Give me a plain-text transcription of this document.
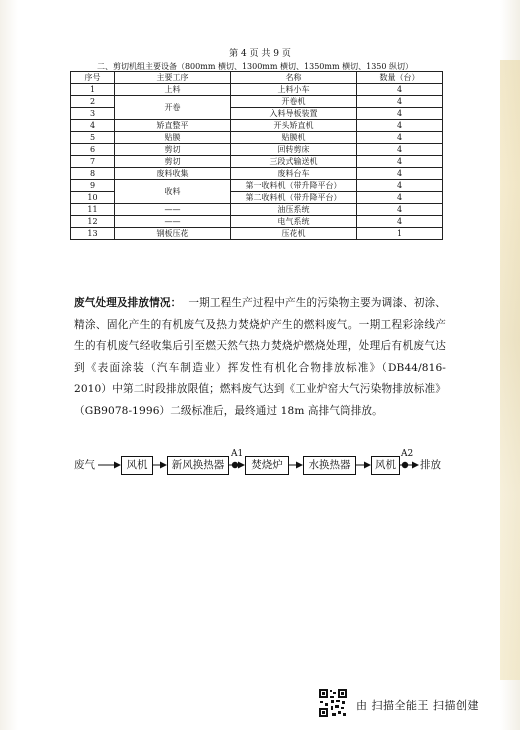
第 4 页 共 9 页
二、剪切机组主要设备（800mm 横切、1300mm 横切、1350mm 横切、1350 纵切）
序号	主要工序	名称	数量（台）
1	上料	上料小车	4
2	开卷	开卷机	4
3		入料导板装置	4
4	矫直整平	开头矫直机	4
5	贴膜	贴膜机	4
6	剪切	回转剪床	4
7	剪切	三段式输送机	4
8	废料收集	废料台车	4
9	收料	第一收料机（带升降平台）	4
10		第二收料机（带升降平台）	4
11	——	油压系统	4
12	——	电气系统	4
13	钢板压花	压花机	1

废气处理及排放情况： 一期工程生产过程中产生的污染物主要为调漆、初涂、精涂、固化产生的有机废气及热力焚烧炉产生的燃料废气。一期工程彩涂线产生的有机废气经收集后引至燃天然气热力焚烧炉燃烧处理，处理后有机废气达到《表面涂装（汽车制造业）挥发性有机化合物排放标准》（DB44/816-2010）中第二时段排放限值；燃料废气达到《工业炉窑大气污染物排放标准》（GB9078-1996）二级标准后，最终通过 18m 高排气筒排放。

废气	风机	新风换热器
A1
焚烧炉	水换热器	风机
A2
排放
由 扫描全能王 扫描创建
